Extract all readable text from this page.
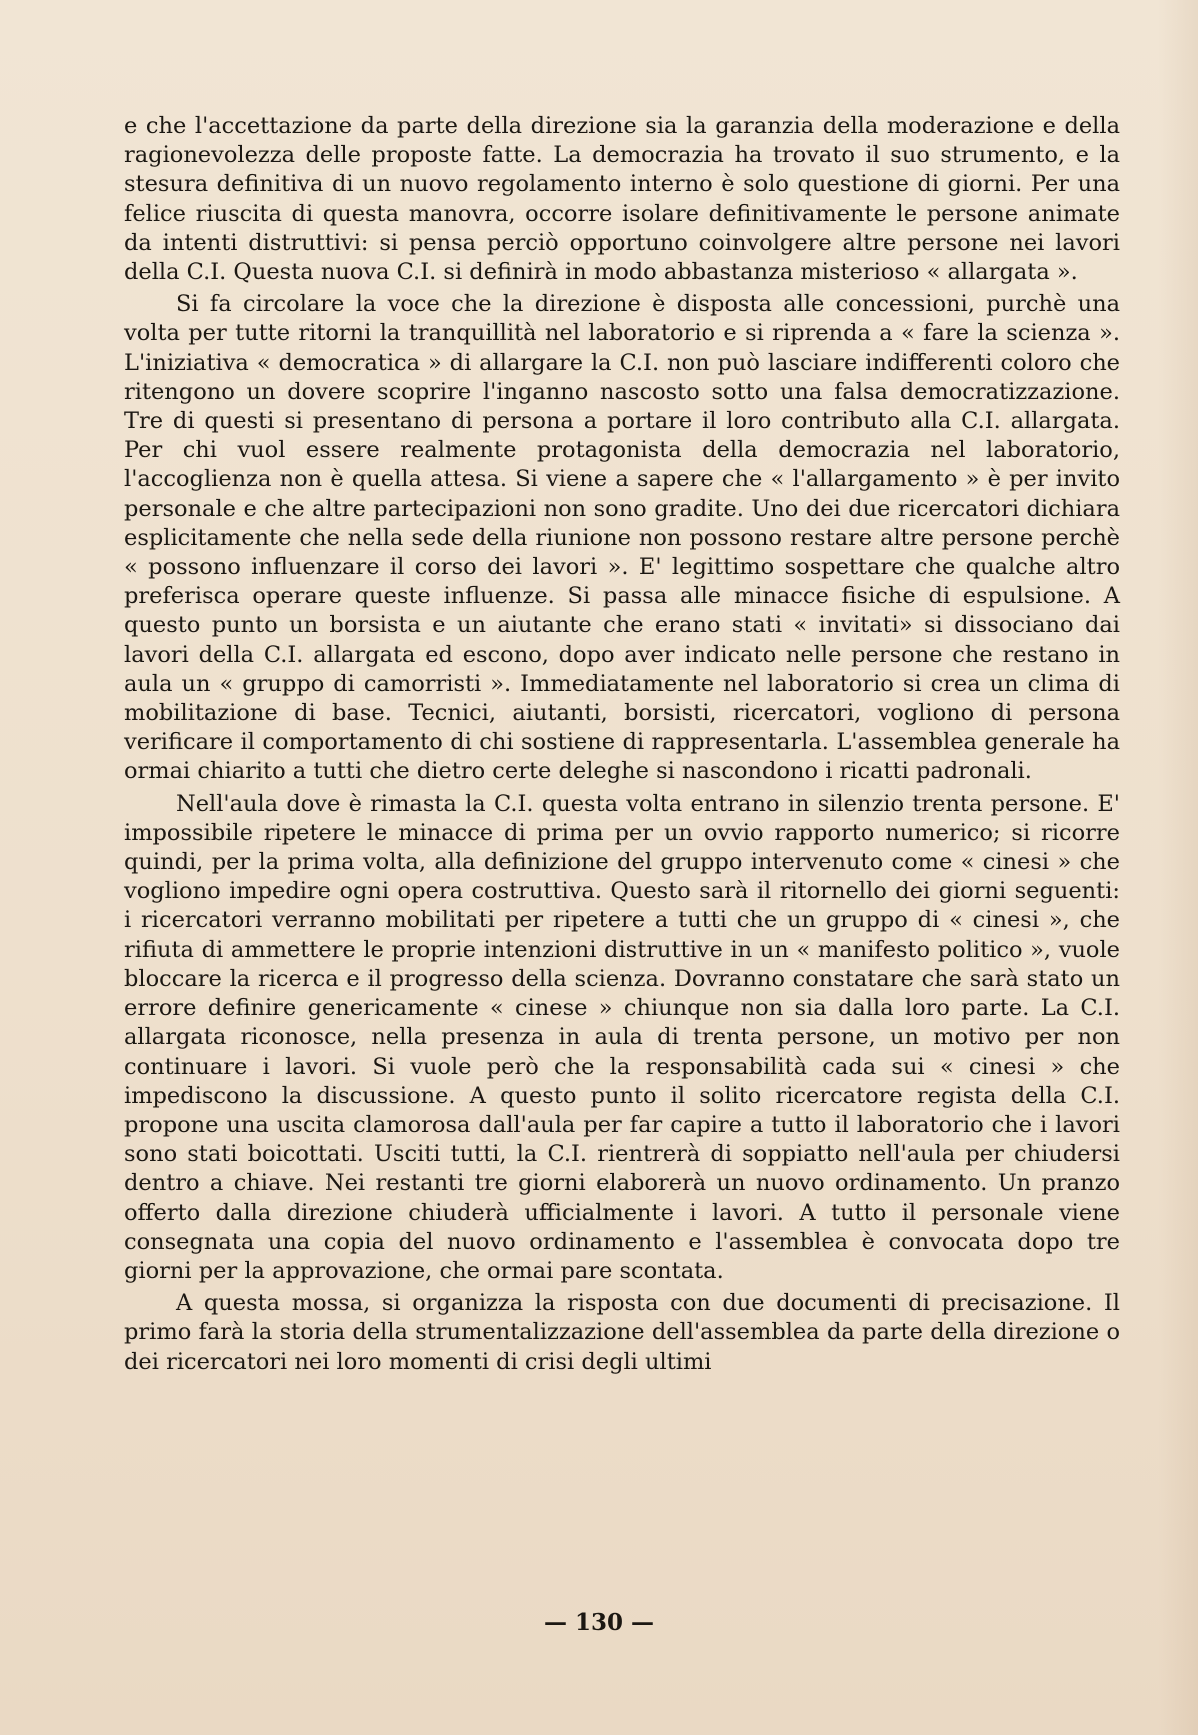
e che l'accettazione da parte della direzione sia la garanzia della moderazione e della ragionevolezza delle proposte fatte. La democrazia ha trovato il suo strumento, e la stesura definitiva di un nuovo regolamento interno è solo questione di giorni. Per una felice riuscita di questa manovra, occorre isolare definitivamente le persone animate da intenti distruttivi: si pensa perciò opportuno coinvolgere altre persone nei lavori della C.I. Questa nuova C.I. si definirà in modo abbastanza misterioso « allargata ».

Si fa circolare la voce che la direzione è disposta alle concessioni, purchè una volta per tutte ritorni la tranquillità nel laboratorio e si riprenda a « fare la scienza ». L'iniziativa « democratica » di allargare la C.I. non può lasciare indifferenti coloro che ritengono un dovere scoprire l'inganno nascosto sotto una falsa democratizzazione. Tre di questi si presentano di persona a portare il loro contributo alla C.I. allargata. Per chi vuol essere realmente protagonista della democrazia nel laboratorio, l'accoglienza non è quella attesa. Si viene a sapere che « l'allargamento » è per invito personale e che altre partecipazioni non sono gradite. Uno dei due ricercatori dichiara esplicitamente che nella sede della riunione non possono restare altre persone perchè « possono influenzare il corso dei lavori ». E' legittimo sospettare che qualche altro preferisca operare queste influenze. Si passa alle minacce fisiche di espulsione. A questo punto un borsista e un aiutante che erano stati « invitati» si dissociano dai lavori della C.I. allargata ed escono, dopo aver indicato nelle persone che restano in aula un « gruppo di camorristi ». Immediatamente nel laboratorio si crea un clima di mobilitazione di base. Tecnici, aiutanti, borsisti, ricercatori, vogliono di persona verificare il comportamento di chi sostiene di rappresentarla. L'assemblea generale ha ormai chiarito a tutti che dietro certe deleghe si nascondono i ricatti padronali.

Nell'aula dove è rimasta la C.I. questa volta entrano in silenzio trenta persone. E' impossibile ripetere le minacce di prima per un ovvio rapporto numerico; si ricorre quindi, per la prima volta, alla definizione del gruppo intervenuto come « cinesi » che vogliono impedire ogni opera costruttiva. Questo sarà il ritornello dei giorni seguenti: i ricercatori verranno mobilitati per ripetere a tutti che un gruppo di « cinesi », che rifiuta di ammettere le proprie intenzioni distruttive in un « manifesto politico », vuole bloccare la ricerca e il progresso della scienza. Dovranno constatare che sarà stato un errore definire genericamente « cinese » chiunque non sia dalla loro parte. La C.I. allargata riconosce, nella presenza in aula di trenta persone, un motivo per non continuare i lavori. Si vuole però che la responsabilità cada sui « cinesi » che impediscono la discussione. A questo punto il solito ricercatore regista della C.I. propone una uscita clamorosa dall'aula per far capire a tutto il laboratorio che i lavori sono stati boicottati. Usciti tutti, la C.I. rientrerà di soppiatto nell'aula per chiudersi dentro a chiave. Nei restanti tre giorni elaborerà un nuovo ordinamento. Un pranzo offerto dalla direzione chiuderà ufficialmente i lavori. A tutto il personale viene consegnata una copia del nuovo ordinamento e l'assemblea è convocata dopo tre giorni per la approvazione, che ormai pare scontata.

A questa mossa, si organizza la risposta con due documenti di precisazione. Il primo farà la storia della strumentalizzazione dell'assemblea da parte della direzione o dei ricercatori nei loro momenti di crisi degli ultimi

— 130 —
